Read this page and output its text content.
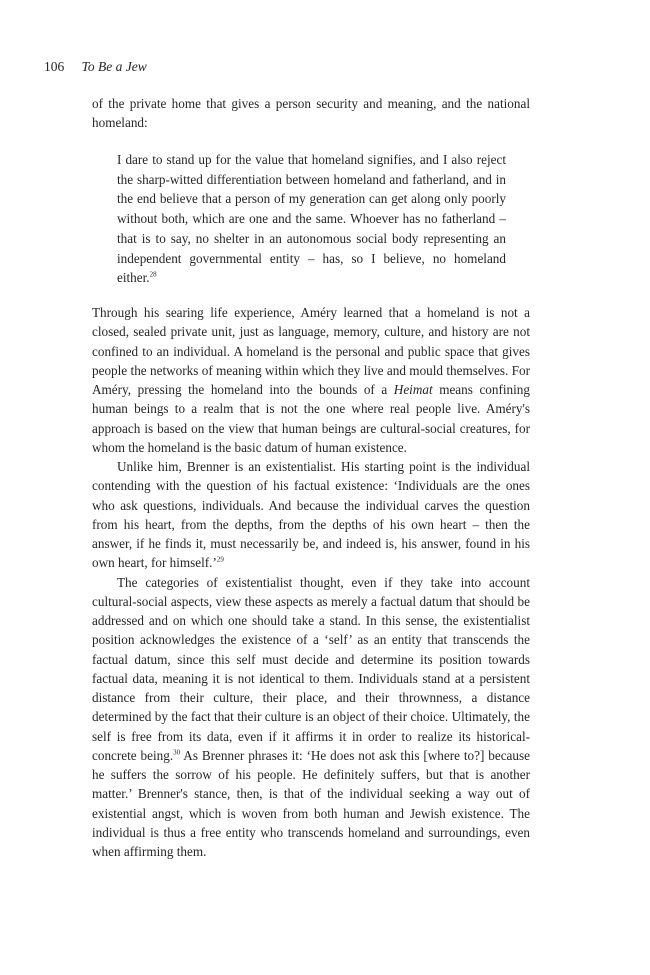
106 To Be a Jew

of the private home that gives a person security and meaning, and the national homeland:

I dare to stand up for the value that homeland signifies, and I also reject the sharp-witted differentiation between homeland and fatherland, and in the end believe that a person of my generation can get along only poorly without both, which are one and the same. Whoever has no fatherland – that is to say, no shelter in an autonomous social body representing an independent governmental entity – has, so I believe, no homeland either.$^{28}$

Through his searing life experience, Améry learned that a homeland is not a closed, sealed private unit, just as language, memory, culture, and history are not confined to an individual. A homeland is the personal and public space that gives people the networks of meaning within which they live and mould themselves. For Améry, pressing the homeland into the bounds of a Heimat means confining human beings to a realm that is not the one where real people live. Améry's approach is based on the view that human beings are cultural-social creatures, for whom the homeland is the basic datum of human existence.

Unlike him, Brenner is an existentialist. His starting point is the individual contending with the question of his factual existence: ‘Individuals are the ones who ask questions, individuals. And because the individual carves the question from his heart, from the depths, from the depths of his own heart – then the answer, if he finds it, must necessarily be, and indeed is, his answer, found in his own heart, for himself.’$^{29}$

The categories of existentialist thought, even if they take into account cultural-social aspects, view these aspects as merely a factual datum that should be addressed and on which one should take a stand. In this sense, the existentialist position acknowledges the existence of a ‘self’ as an entity that transcends the factual datum, since this self must decide and determine its position towards factual data, meaning it is not identical to them. Individuals stand at a persistent distance from their culture, their place, and their thrownness, a distance determined by the fact that their culture is an object of their choice. Ultimately, the self is free from its data, even if it affirms it in order to realize its historical-concrete being.$^{30}$ As Brenner phrases it: ‘He does not ask this [where to?] because he suffers the sorrow of his people. He definitely suffers, but that is another matter.’ Brenner's stance, then, is that of the individual seeking a way out of existential angst, which is woven from both human and Jewish existence. The individual is thus a free entity who transcends homeland and surroundings, even when affirming them.
